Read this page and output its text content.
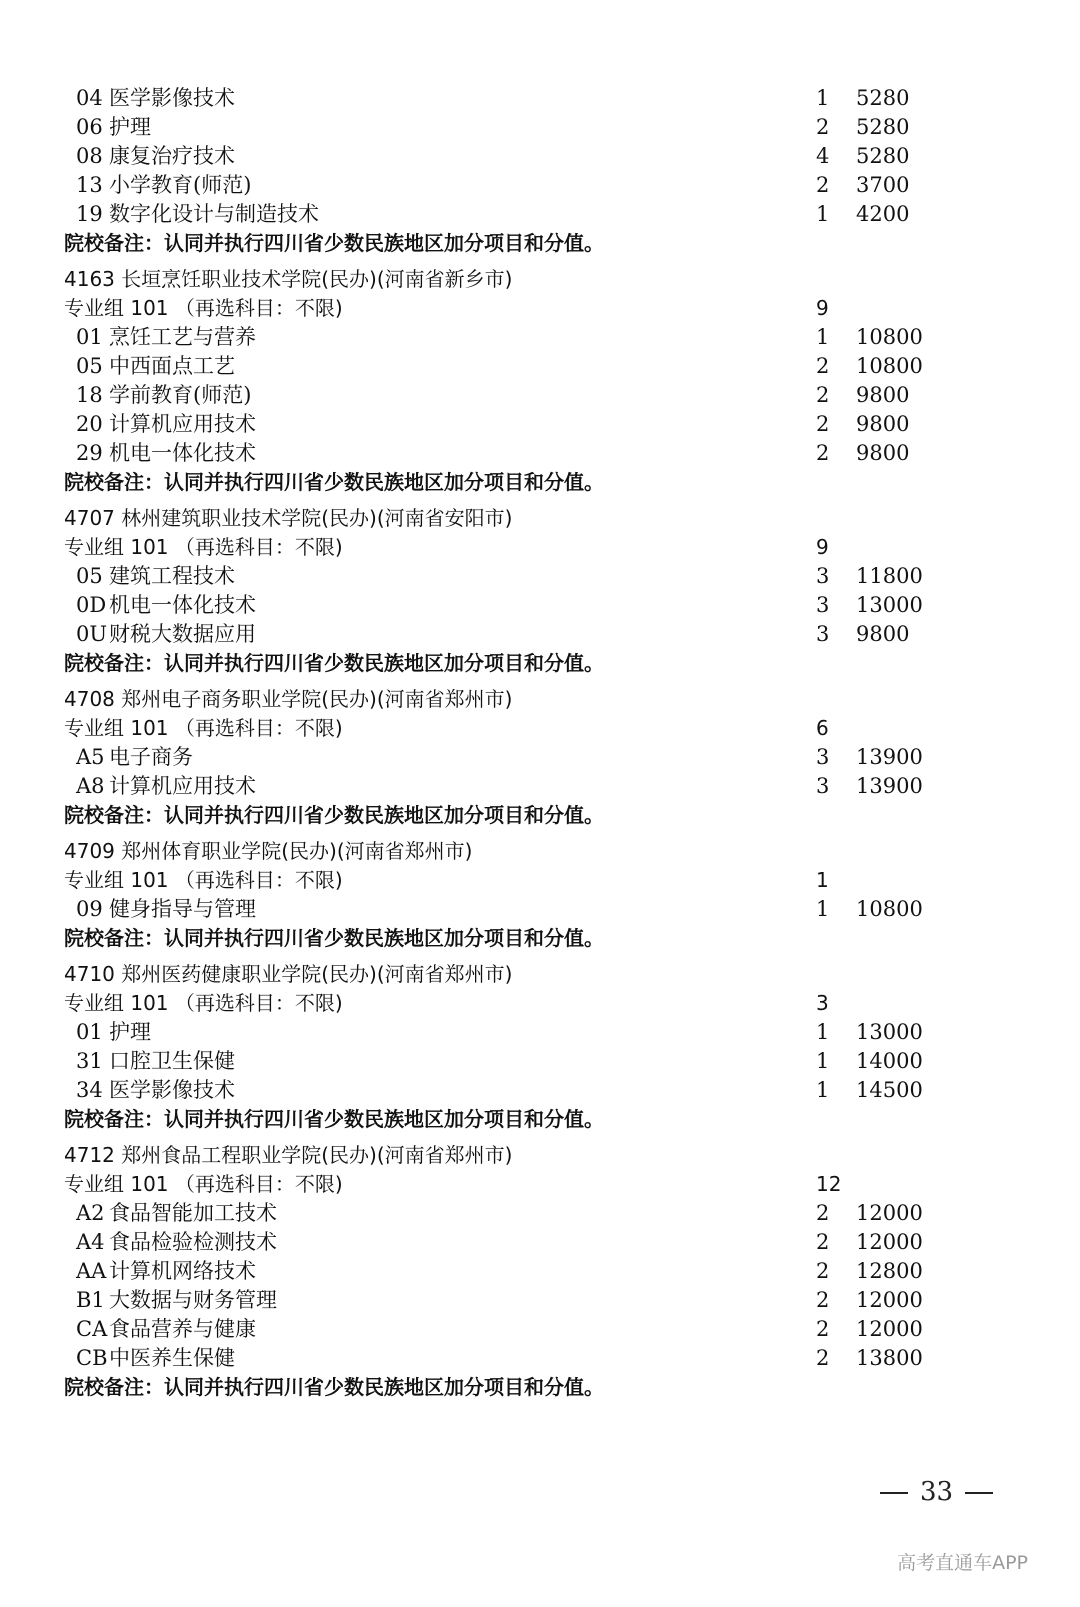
04 医学影像技术	1 5280
06 护理	2 5280
08 康复治疗技术	4 5280
13 小学教育(师范)	2 3700
19 数字化设计与制造技术	1 4200
院校备注：认同并执行四川省少数民族地区加分项目和分值。
4163 长垣烹饪职业技术学院(民办)(河南省新乡市)
专业组 101 （再选科目：不限)	9
01 烹饪工艺与营养	1 10800
05 中西面点工艺	2 10800
18 学前教育(师范)	2 9800
20 计算机应用技术	2 9800
29 机电一体化技术	2 9800
院校备注：认同并执行四川省少数民族地区加分项目和分值。
4707 林州建筑职业技术学院(民办)(河南省安阳市)
专业组 101 （再选科目：不限)	9
05 建筑工程技术	3 11800
0D 机电一体化技术	3 13000
0U 财税大数据应用	3 9800
院校备注：认同并执行四川省少数民族地区加分项目和分值。
4708 郑州电子商务职业学院(民办)(河南省郑州市)
专业组 101 （再选科目：不限)	6
A5 电子商务	3 13900
A8 计算机应用技术	3 13900
院校备注：认同并执行四川省少数民族地区加分项目和分值。
4709 郑州体育职业学院(民办)(河南省郑州市)
专业组 101 （再选科目：不限)	1
09 健身指导与管理	1 10800
院校备注：认同并执行四川省少数民族地区加分项目和分值。
4710 郑州医药健康职业学院(民办)(河南省郑州市)
专业组 101 （再选科目：不限)	3
01 护理	1 13000
31 口腔卫生保健	1 14000
34 医学影像技术	1 14500
院校备注：认同并执行四川省少数民族地区加分项目和分值。
4712 郑州食品工程职业学院(民办)(河南省郑州市)
专业组 101 （再选科目：不限)	12
A2 食品智能加工技术	2 12000
A4 食品检验检测技术	2 12000
AA 计算机网络技术	2 12800
B1 大数据与财务管理	2 12000
CA 食品营养与健康	2 12000
CB 中医养生保健	2 13800
院校备注：认同并执行四川省少数民族地区加分项目和分值。
33
高考直通车APP
